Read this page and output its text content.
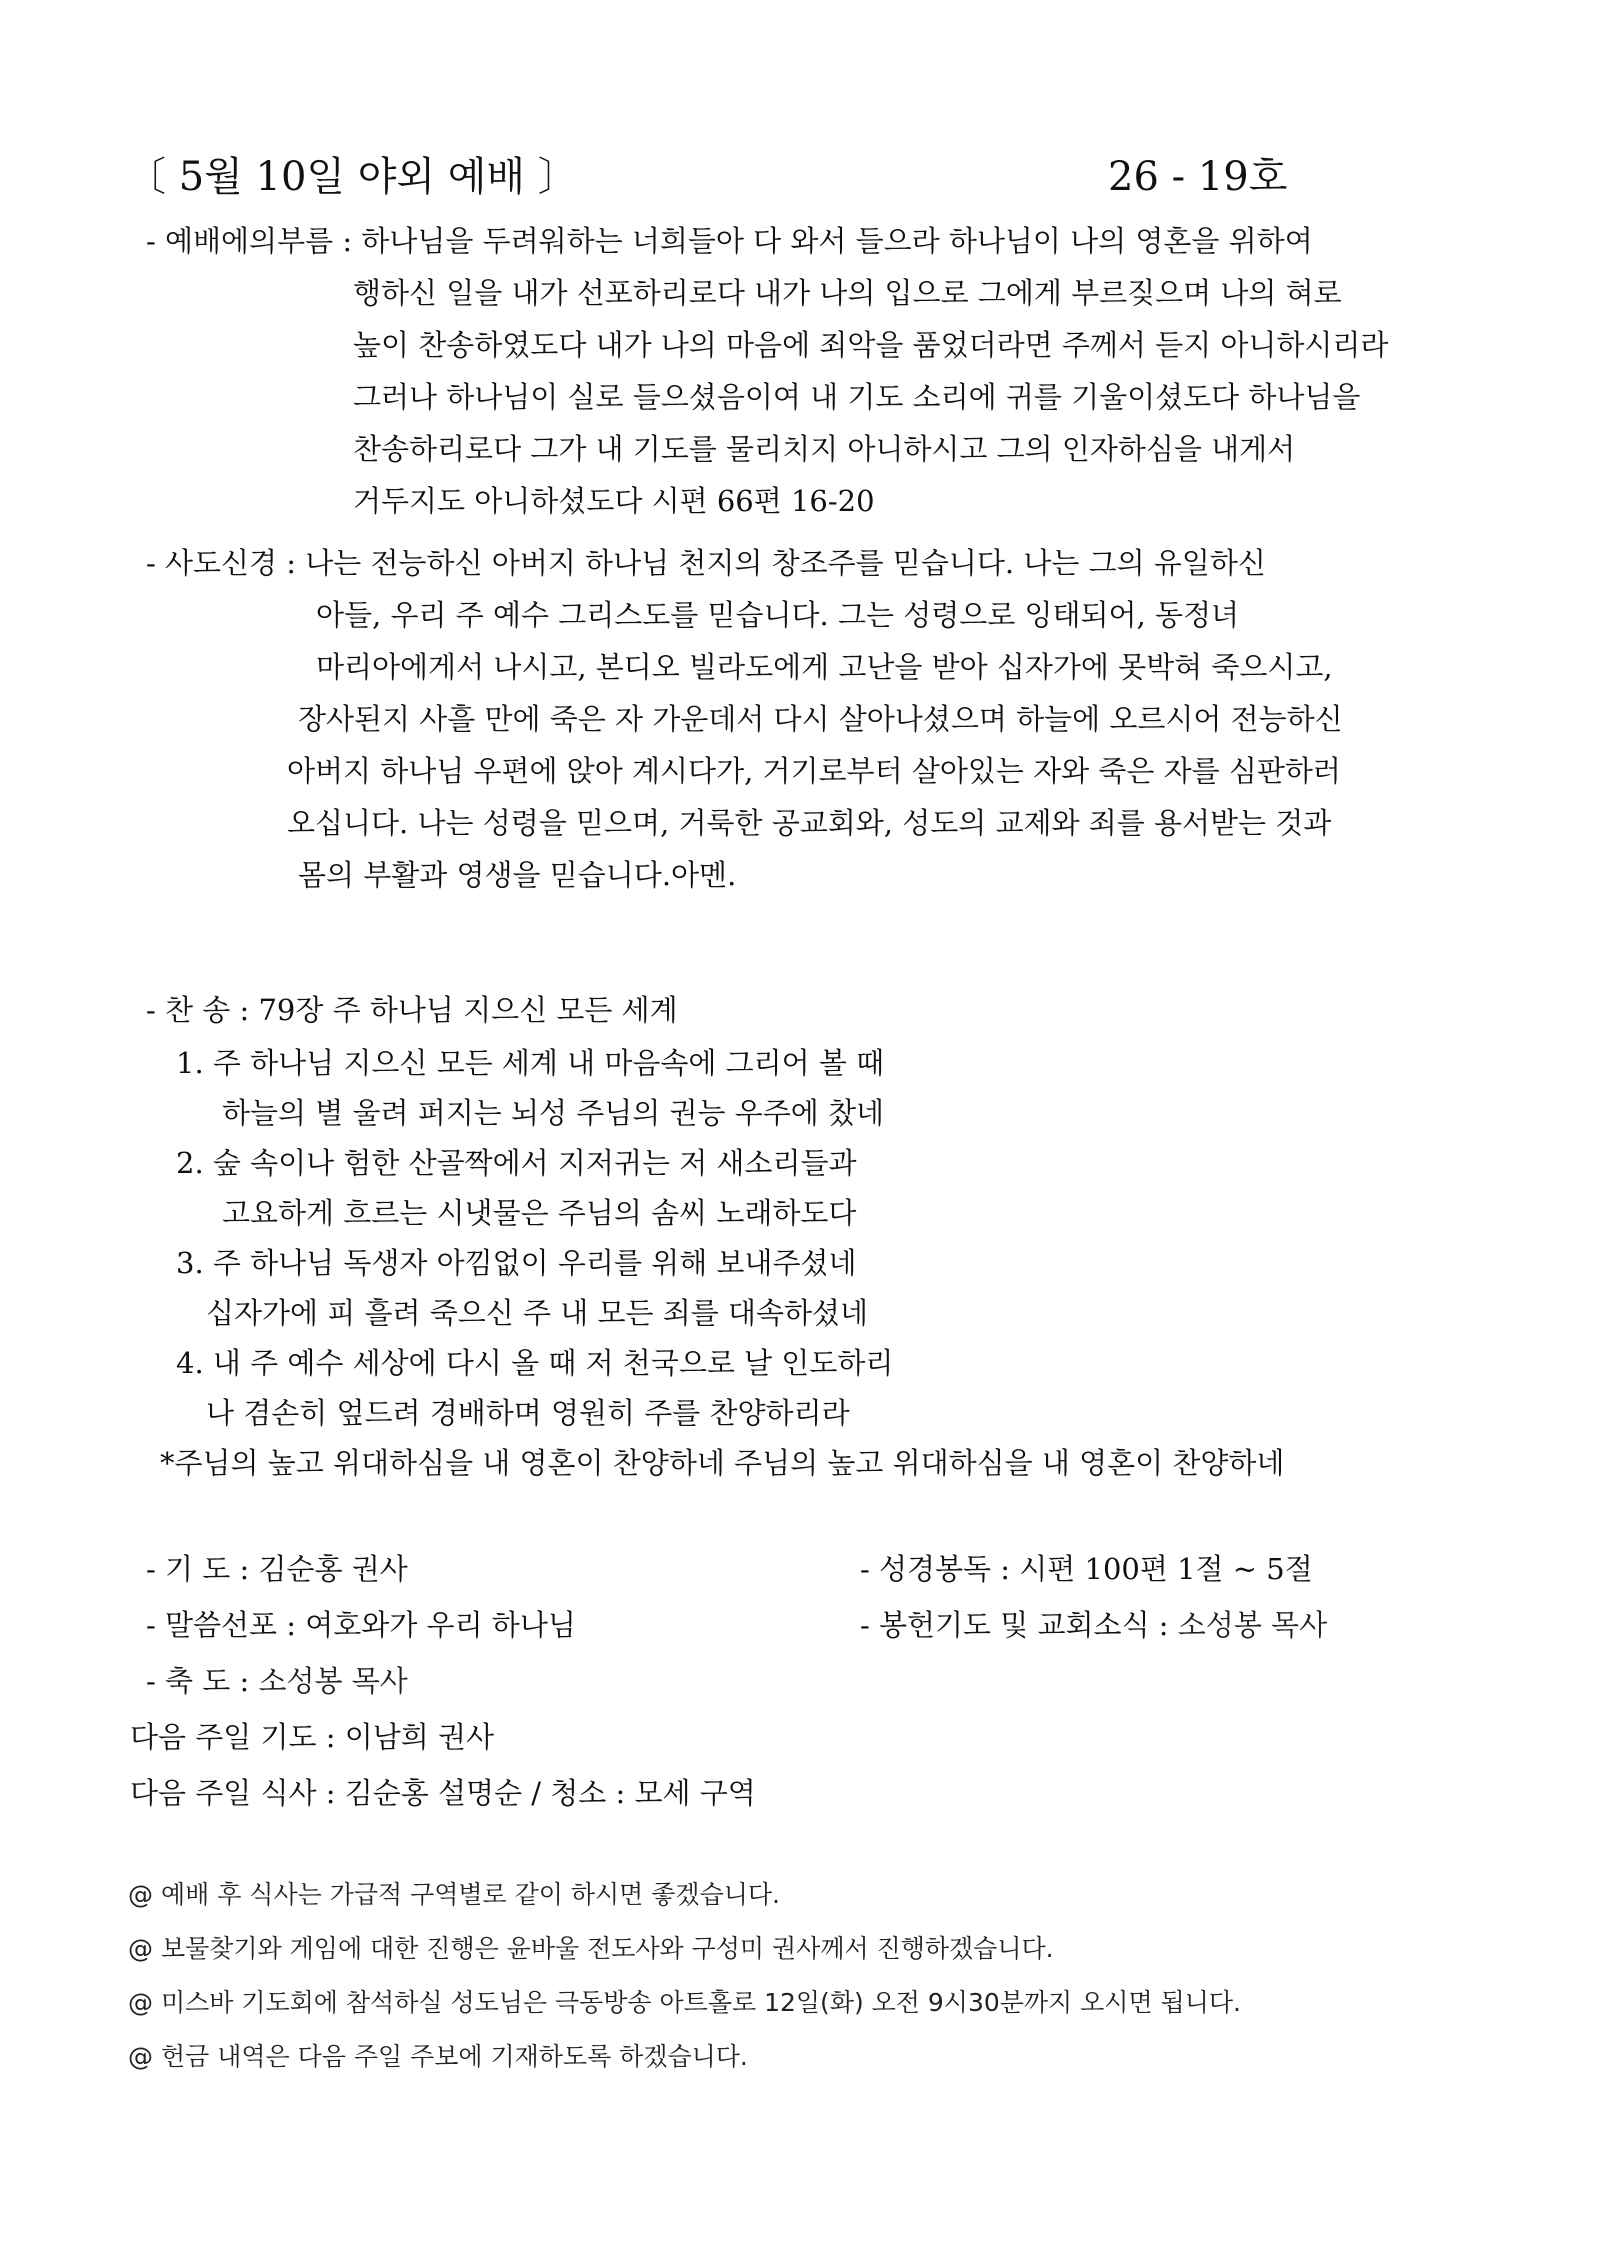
〔 5월 10일 야외 예배 〕	26 - 19호
- 예배에의부름 : 하나님을 두려워하는 너희들아 다 와서 들으라 하나님이 나의 영혼을 위하여
행하신 일을 내가 선포하리로다 내가 나의 입으로 그에게 부르짖으며 나의 혀로
높이 찬송하였도다 내가 나의 마음에 죄악을 품었더라면 주께서 듣지 아니하시리라
그러나 하나님이 실로 들으셨음이여 내 기도 소리에 귀를 기울이셨도다 하나님을
찬송하리로다 그가 내 기도를 물리치지 아니하시고 그의 인자하심을 내게서
거두지도 아니하셨도다 시편 66편 16-20
- 사도신경 : 나는 전능하신 아버지 하나님 천지의 창조주를 믿습니다. 나는 그의 유일하신
아들, 우리 주 예수 그리스도를 믿습니다. 그는 성령으로 잉태되어, 동정녀
마리아에게서 나시고, 본디오 빌라도에게 고난을 받아 십자가에 못박혀 죽으시고,
장사된지 사흘 만에 죽은 자 가운데서 다시 살아나셨으며 하늘에 오르시어 전능하신
아버지 하나님 우편에 앉아 계시다가, 거기로부터 살아있는 자와 죽은 자를 심판하러
오십니다. 나는 성령을 믿으며, 거룩한 공교회와, 성도의 교제와 죄를 용서받는 것과
몸의 부활과 영생을 믿습니다.아멘.
- 찬 송 : 79장 주 하나님 지으신 모든 세계
1. 주 하나님 지으신 모든 세계 내 마음속에 그리어 볼 때
하늘의 별 울려 퍼지는 뇌성 주님의 권능 우주에 찼네
2. 숲 속이나 험한 산골짝에서 지저귀는 저 새소리들과
고요하게 흐르는 시냇물은 주님의 솜씨 노래하도다
3. 주 하나님 독생자 아낌없이 우리를 위해 보내주셨네
십자가에 피 흘려 죽으신 주 내 모든 죄를 대속하셨네
4. 내 주 예수 세상에 다시 올 때 저 천국으로 날 인도하리
나 겸손히 엎드려 경배하며 영원히 주를 찬양하리라
*주님의 높고 위대하심을 내 영혼이 찬양하네 주님의 높고 위대하심을 내 영혼이 찬양하네
- 기 도 : 김순홍 권사	- 성경봉독 : 시편 100편 1절 ~ 5절
- 말씀선포 : 여호와가 우리 하나님	- 봉헌기도 및 교회소식 : 소성봉 목사
- 축 도 : 소성봉 목사
다음 주일 기도 : 이남희 권사
다음 주일 식사 : 김순홍 설명순 / 청소 : 모세 구역
@ 예배 후 식사는 가급적 구역별로 같이 하시면 좋겠습니다.
@ 보물찾기와 게임에 대한 진행은 윤바울 전도사와 구성미 권사께서 진행하겠습니다.
@ 미스바 기도회에 참석하실 성도님은 극동방송 아트홀로 12일(화) 오전 9시30분까지 오시면 됩니다.
@ 헌금 내역은 다음 주일 주보에 기재하도록 하겠습니다.
